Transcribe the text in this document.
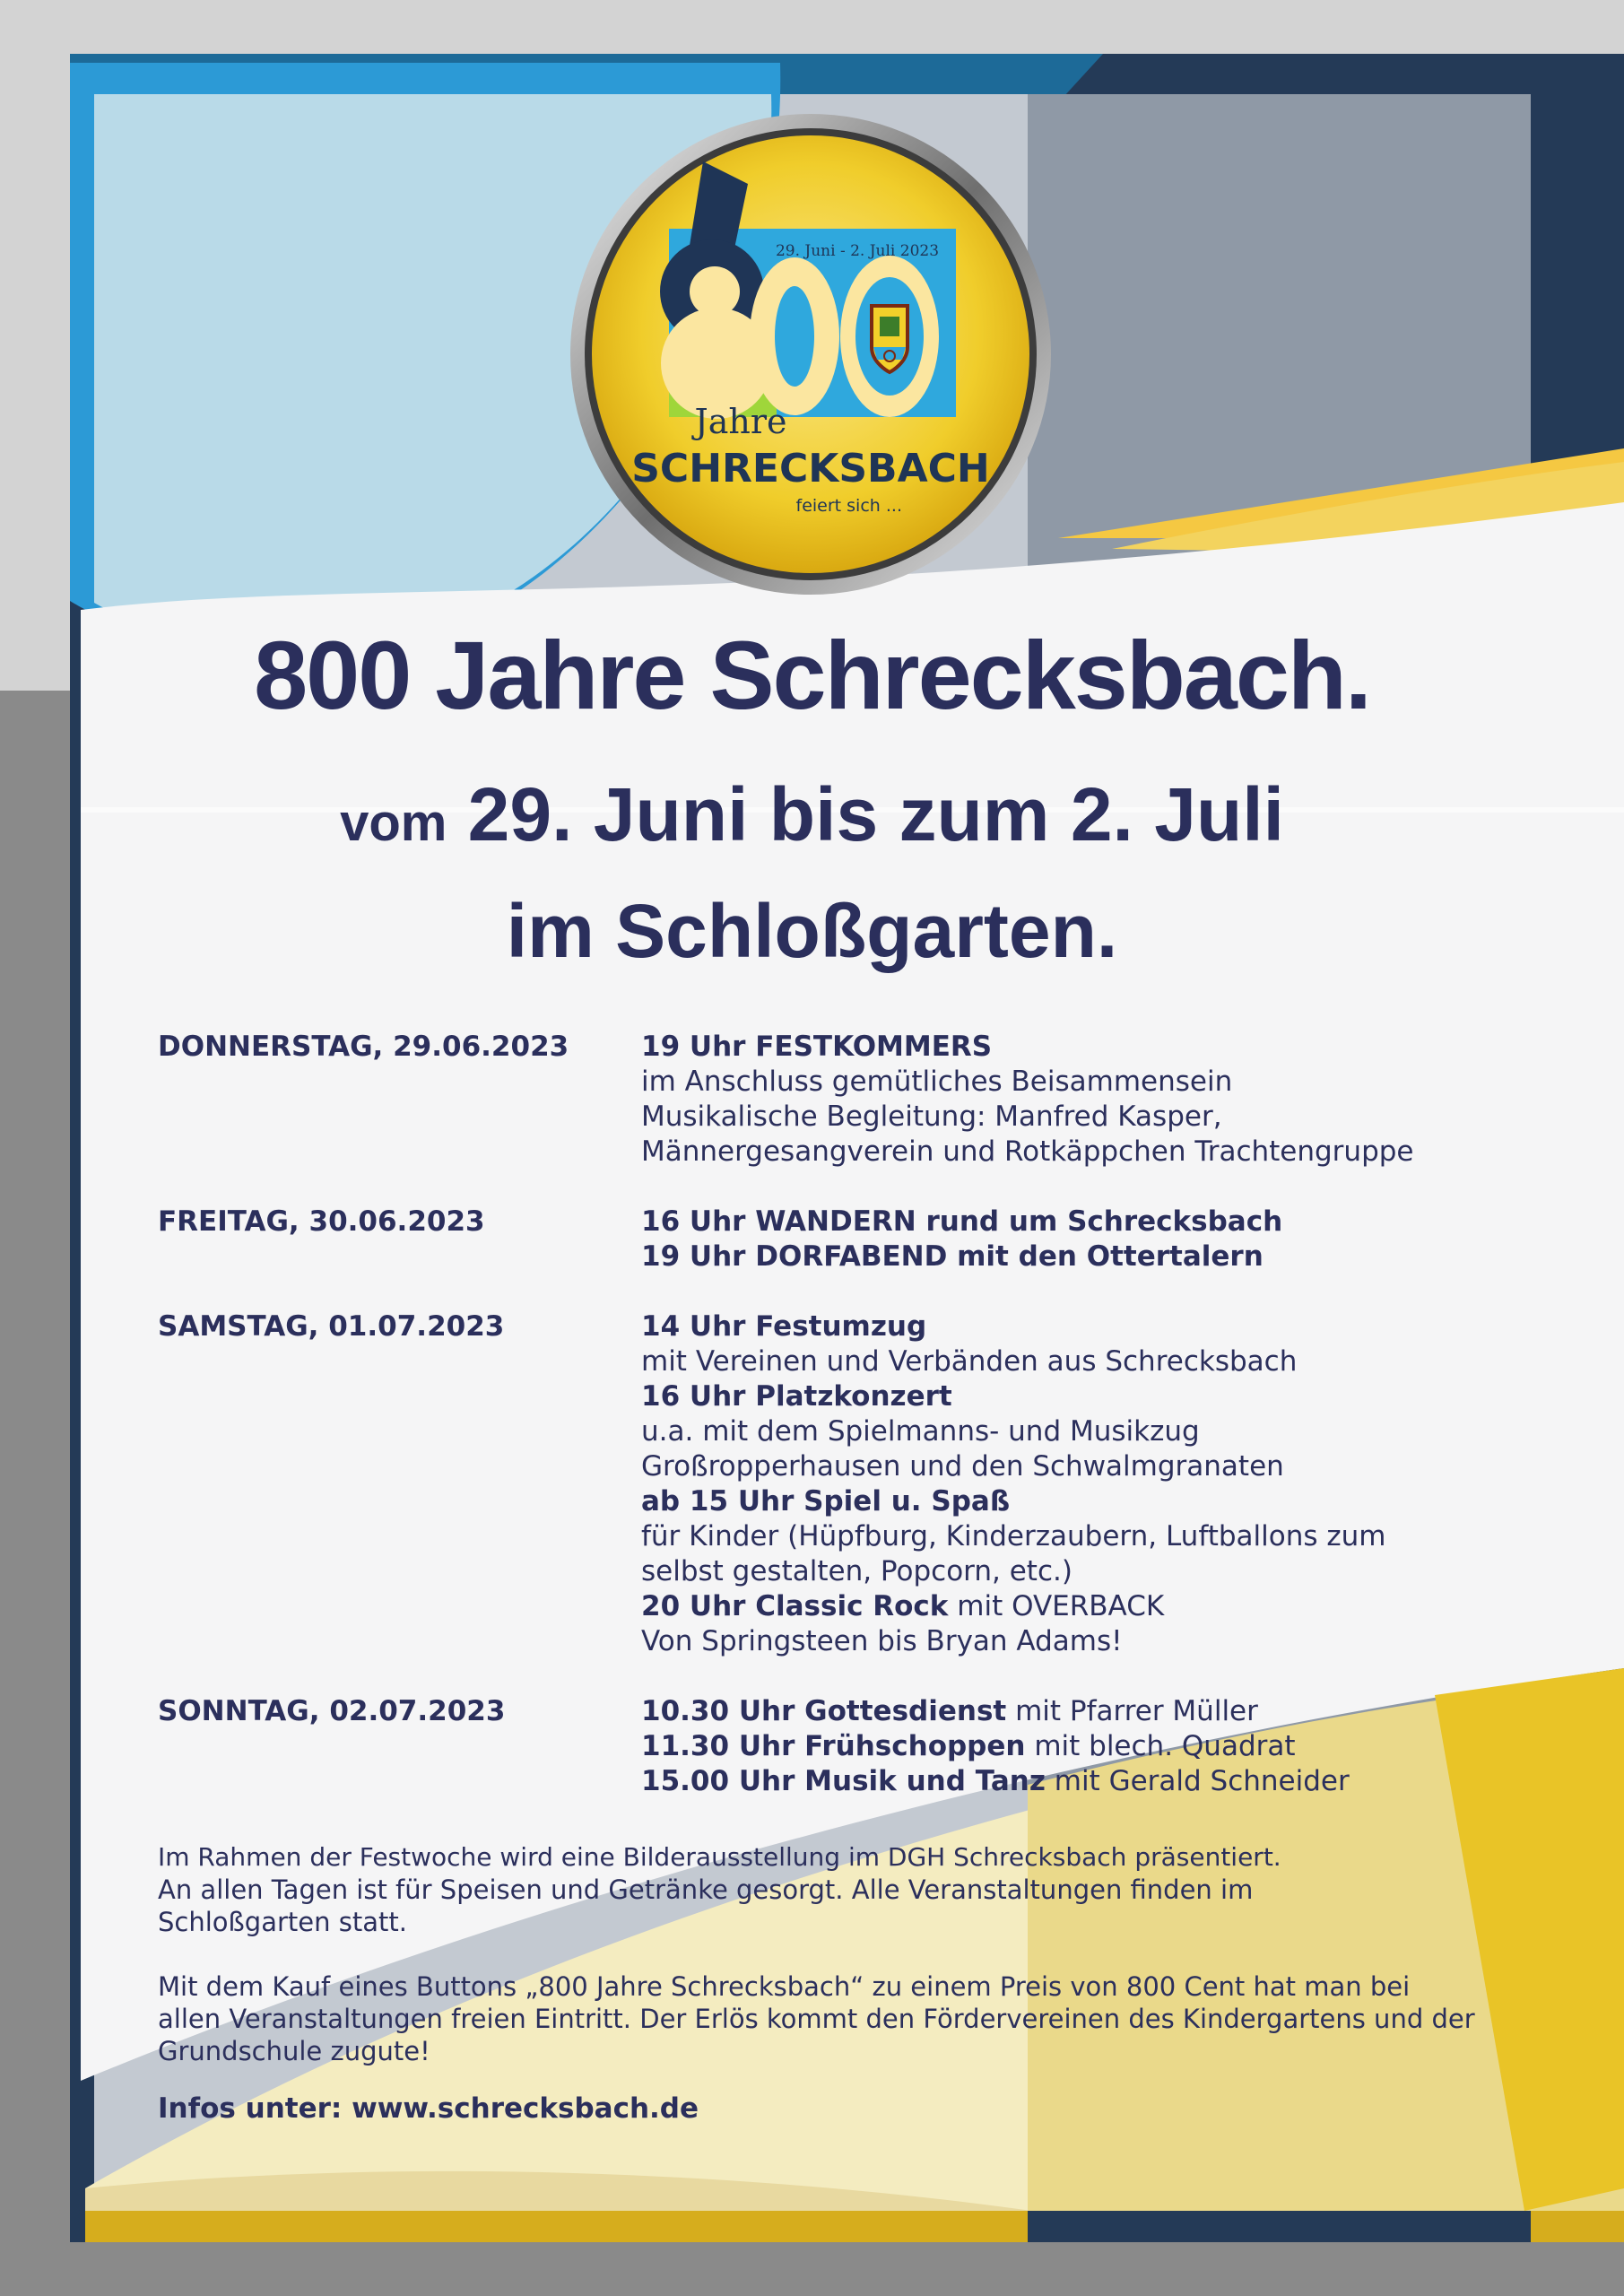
29. Juni - 2. Juli 2023
Jahre
SCHRECKSBACH
feiert sich ...
800 Jahre Schrecksbach.
vom 29. Juni bis zum 2. Juli
im Schloßgarten.
DONNERSTAG, 29.06.2023	19 Uhr FESTKOMMERS
im Anschluss gemütliches Beisammensein
Musikalische Begleitung: Manfred Kasper,
Männergesangverein und Rotkäppchen Trachtengruppe
FREITAG, 30.06.2023	16 Uhr WANDERN rund um Schrecksbach
19 Uhr DORFABEND mit den Ottertalern
SAMSTAG, 01.07.2023	14 Uhr Festumzug
mit Vereinen und Verbänden aus Schrecksbach
16 Uhr Platzkonzert
u.a. mit dem Spielmanns- und Musikzug
Großropperhausen und den Schwalmgranaten
ab 15 Uhr Spiel u. Spaß
für Kinder (Hüpfburg, Kinderzaubern, Luftballons zum
selbst gestalten, Popcorn, etc.)
20 Uhr Classic Rock mit OVERBACK
Von Springsteen bis Bryan Adams!
SONNTAG, 02.07.2023	10.30 Uhr Gottesdienst mit Pfarrer Müller
11.30 Uhr Frühschoppen mit blech. Quadrat
15.00 Uhr Musik und Tanz mit Gerald Schneider

Im Rahmen der Festwoche wird eine Bilderausstellung im DGH Schrecksbach präsentiert.

An allen Tagen ist für Speisen und Getränke gesorgt. Alle Veranstaltungen finden im

Schloßgarten statt.

Mit dem Kauf eines Buttons „800 Jahre Schrecksbach“ zu einem Preis von 800 Cent hat man bei

allen Veranstaltungen freien Eintritt. Der Erlös kommt den Fördervereinen des Kindergartens und der

Grundschule zugute!

Infos unter: www.schrecksbach.de
